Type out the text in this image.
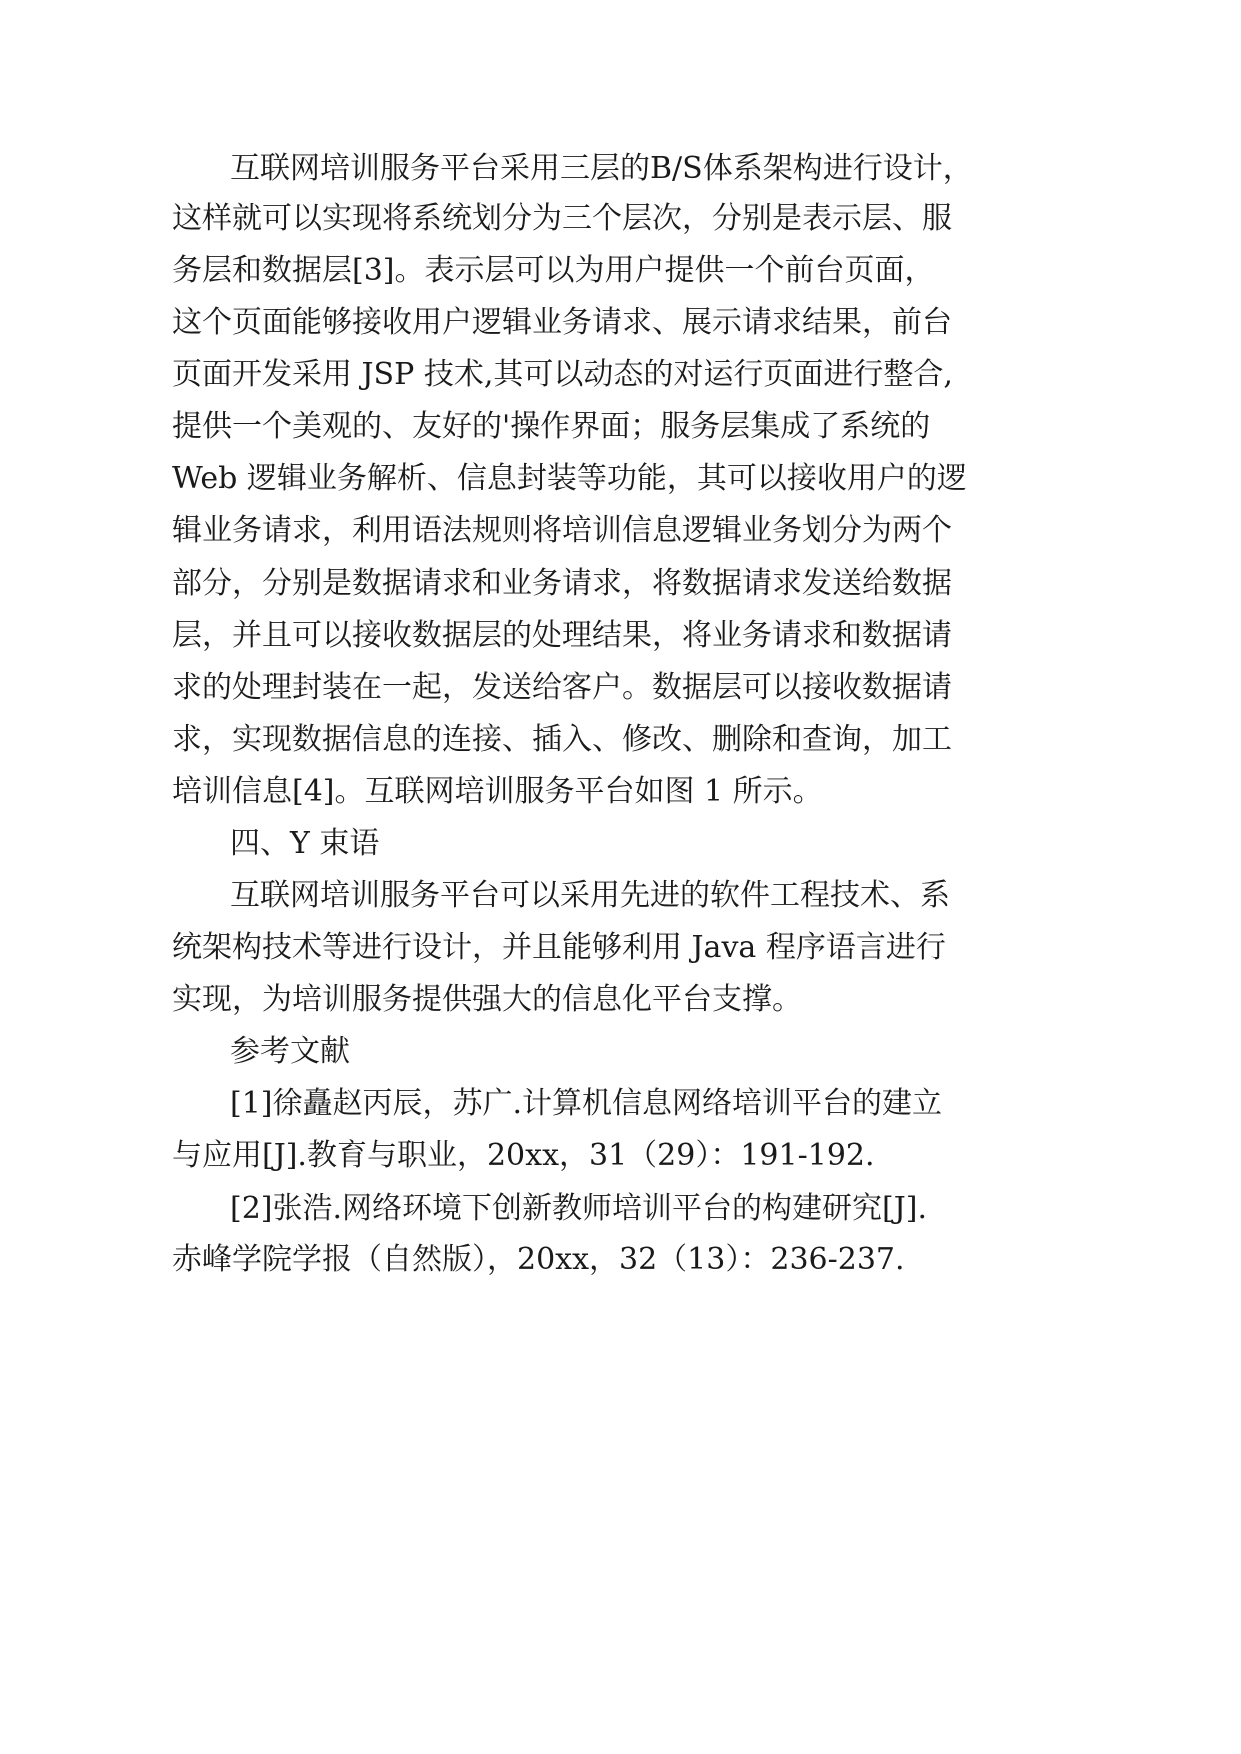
互联网培训服务平台采用三层的B/S体系架构进行设计，
这样就可以实现将系统划分为三个层次，分别是表示层、服
务层和数据层[3]。表示层可以为用户提供一个前台页面，
这个页面能够接收用户逻辑业务请求、展示请求结果，前台
页面开发采用 JSP 技术,其可以动态的对运行页面进行整合,
提供一个美观的、友好的'操作界面；服务层集成了系统的
Web 逻辑业务解析、信息封装等功能，其可以接收用户的逻
辑业务请求，利用语法规则将培训信息逻辑业务划分为两个
部分，分别是数据请求和业务请求，将数据请求发送给数据
层，并且可以接收数据层的处理结果，将业务请求和数据请
求的处理封装在一起，发送给客户。数据层可以接收数据请
求，实现数据信息的连接、插入、修改、删除和查询，加工
培训信息[4]。互联网培训服务平台如图 1 所示。
四、Y 束语
互联网培训服务平台可以采用先进的软件工程技术、系
统架构技术等进行设计，并且能够利用 Java 程序语言进行
实现，为培训服务提供强大的信息化平台支撑。
参考文献
[1]徐矗赵丙辰，苏广.计算机信息网络培训平台的建立
与应用[J].教育与职业，20xx，31（29）：191-192.
[2]张浩.网络环境下创新教师培训平台的构建研究[J].
赤峰学院学报（自然版），20xx，32（13）：236-237.
